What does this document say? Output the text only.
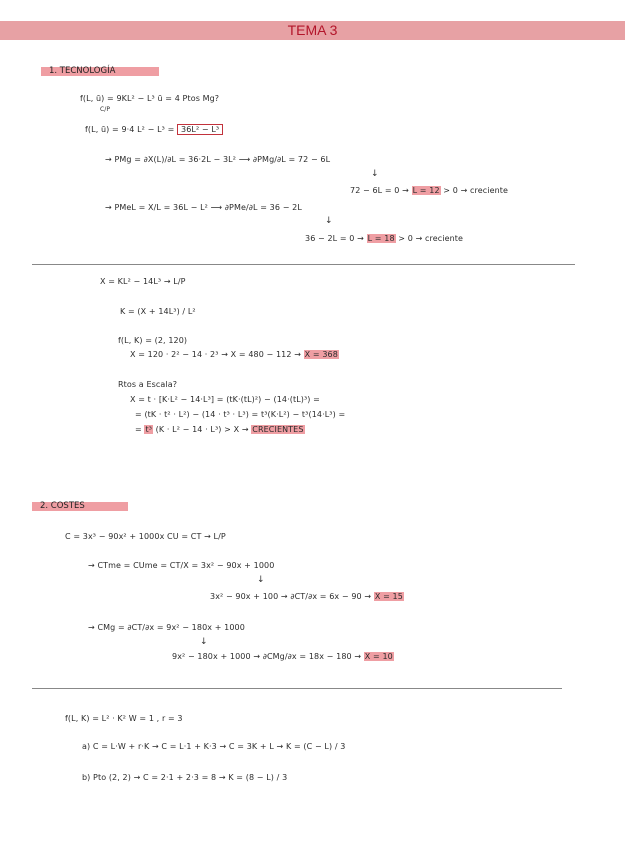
TEMA 3
1. TECNOLOGÍA
f(L, ū) = 9KL² − L³ ū = 4 Ptos Mg?
C/P
f(L, ū) = 9·4 L² − L³ = 36L² − L³
→ PMg = ∂X(L)/∂L = 36·2L − 3L² ⟶ ∂PMg/∂L = 72 − 6L
↓
72 − 6L = 0 → L = 12 > 0 → creciente
→ PMeL = X/L = 36L − L² ⟶ ∂PMe/∂L = 36 − 2L
↓
36 − 2L = 0 → L = 18 > 0 → creciente
X = KL² − 14L³ → L/P
K = (X + 14L³) / L²
f(L, K) = (2, 120)
X = 120 · 2² − 14 · 2³ → X = 480 − 112 → X = 368
Rtos a Escala?
X = t · [K·L² − 14·L³] = (tK·(tL)²) − (14·(tL)³) =
= (tK · t² · L²) − (14 · t³ · L³) = t³(K·L²) − t³(14·L³) =
= t³ (K · L² − 14 · L³) > X → CRECIENTES
2. COSTES
C = 3x³ − 90x² + 1000x CU = CT → L/P
→ CTme = CUme = CT/X = 3x² − 90x + 1000
↓
3x² − 90x + 100 → ∂CT/∂x = 6x − 90 → X = 15
→ CMg = ∂CT/∂x = 9x² − 180x + 1000
↓
9x² − 180x + 1000 → ∂CMg/∂x = 18x − 180 → X = 10
f(L, K) = L² · K² W = 1 , r = 3
a) C = L·W + r·K → C = L·1 + K·3 → C = 3K + L → K = (C − L) / 3
b) Pto (2, 2) → C = 2·1 + 2·3 = 8 → K = (8 − L) / 3
